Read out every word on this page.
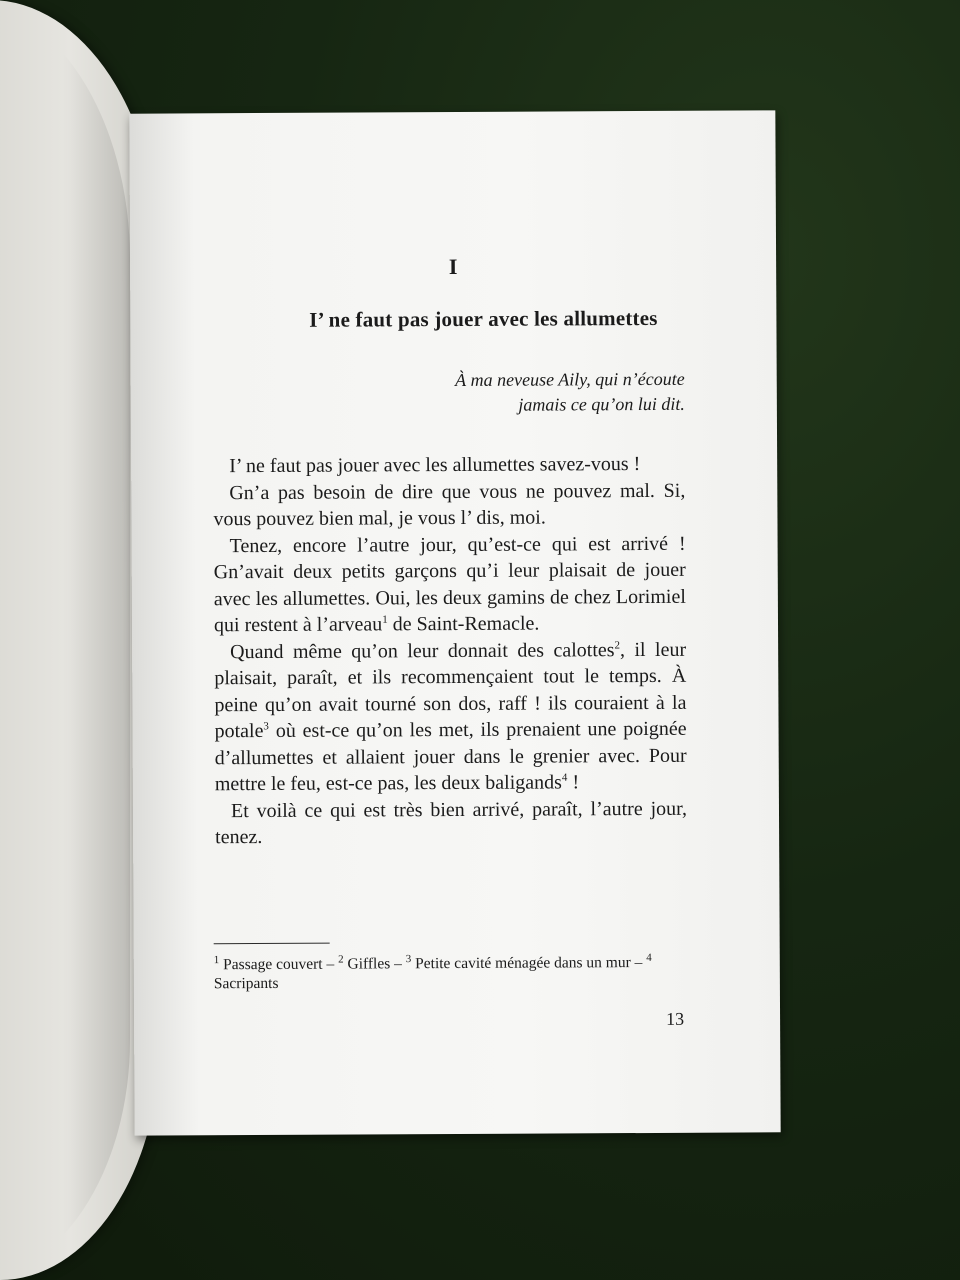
I
I’ ne faut pas jouer avec les allumettes
À ma neveuse Aily, qui n’écoute
jamais ce qu’on lui dit.

I’ ne faut pas jouer avec les allumettes savez-vous !

Gn’a pas besoin de dire que vous ne pouvez mal. Si, vous pouvez bien mal, je vous l’ dis, moi.

Tenez, encore l’autre jour, qu’est-ce qui est arrivé ! Gn’avait deux petits garçons qu’i leur plaisait de jouer avec les allumettes. Oui, les deux gamins de chez Lorimiel qui restent à l’arveau$^1$ de Saint-Remacle.

Quand même qu’on leur donnait des calottes$^2$, il leur plaisait, paraît, et ils recommençaient tout le temps. À peine qu’on avait tourné son dos, raff ! ils couraient à la potale$^3$ où est-ce qu’on les met, ils prenaient une poignée d’allumettes et allaient jouer dans le grenier avec. Pour mettre le feu, est-ce pas, les deux baligands$^4$ !

Et voilà ce qui est très bien arrivé, paraît, l’autre jour, tenez.

$^1$ Passage couvert – $^2$ Giffles – $^3$ Petite cavité ménagée dans un mur – $^4$ Sacripants
13
